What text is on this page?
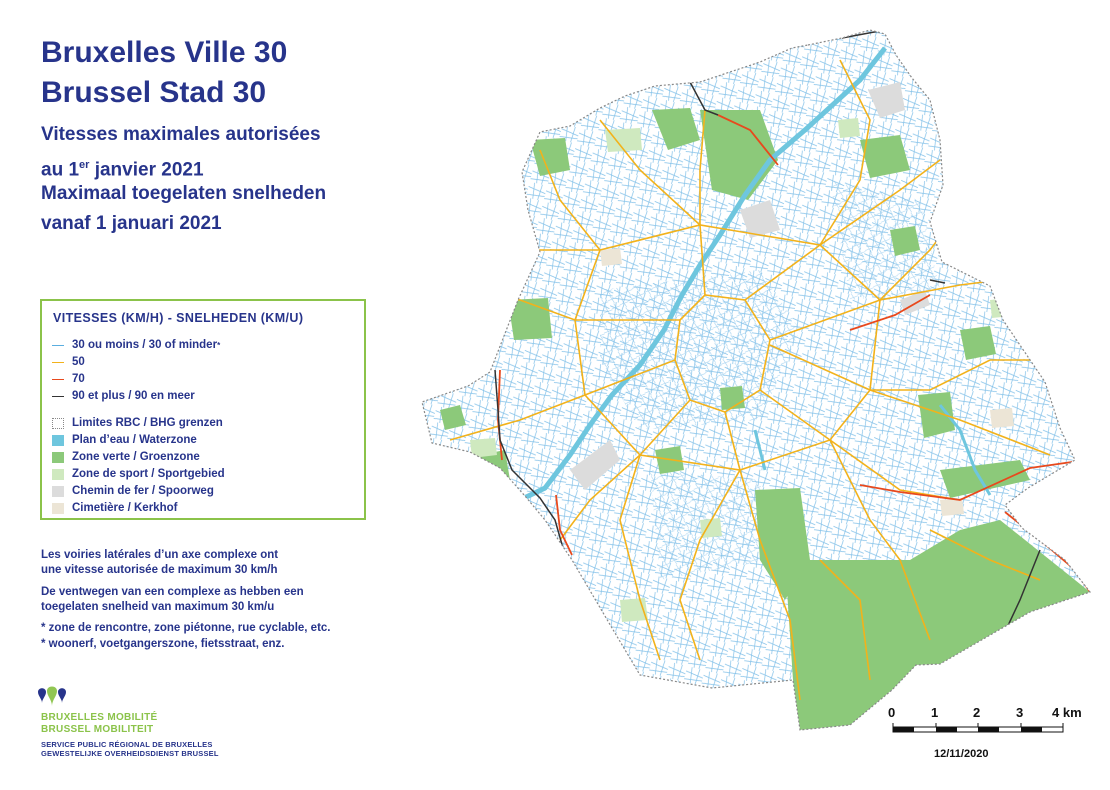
Bruxelles Ville 30
Brussel Stad 30
Vitesses maximales autorisées
au 1er janvier 2021
Maximaal toegelaten snelheden
vanaf 1 januari 2021
VITESSES (KM/H) - SNELHEDEN (KM/U)
30 ou moins / 30 of minder *
50
70
90 et plus / 90 en meer
Limites RBC / BHG grenzen
Plan d’eau / Waterzone
Zone verte / Groenzone
Zone de sport / Sportgebied
Chemin de fer / Spoorweg
Cimetière / Kerkhof
Les voiries latérales d’un axe complexe ont
une vitesse autorisée de maximum 30 km/h
De ventwegen van een complexe as hebben een
toegelaten snelheid van maximum 30 km/u
* zone de rencontre, zone piétonne, rue cyclable, etc.
* woonerf, voetgangerszone, fietsstraat, enz.
BRUXELLES MOBILITÉ
BRUSSEL MOBILITEIT
SERVICE PUBLIC RÉGIONAL DE BRUXELLES
GEWESTELIJKE OVERHEIDSDIENST BRUSSEL
0	1	2	3 4 km
12/11/2020
